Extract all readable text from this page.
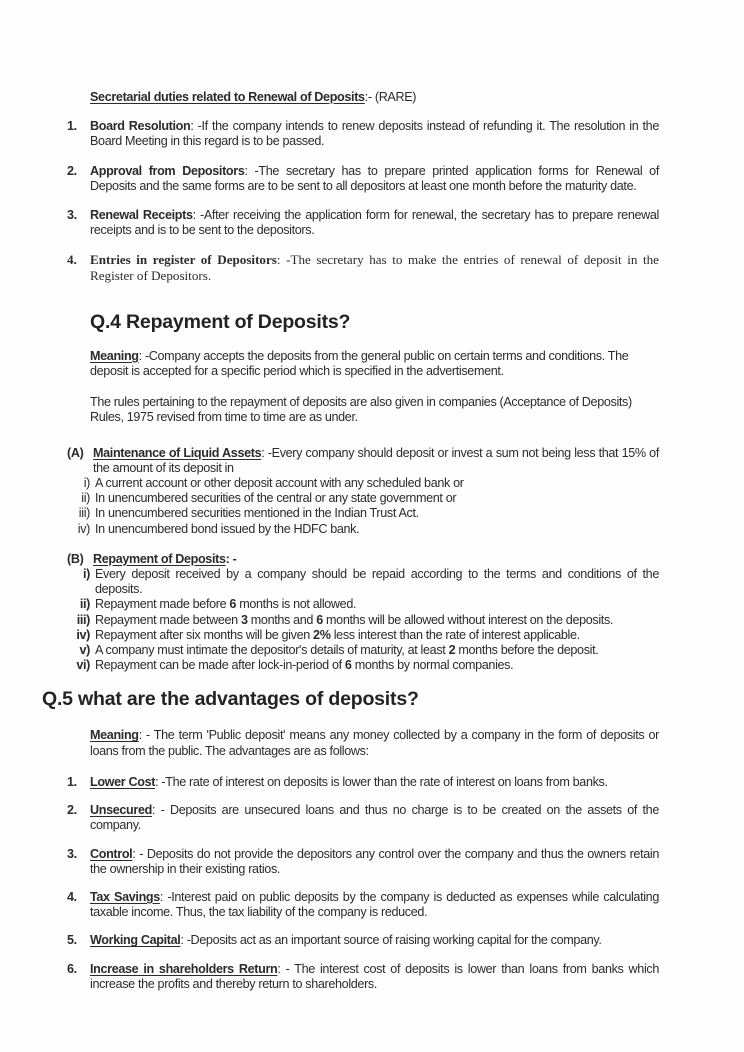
Secretarial duties related to Renewal of Deposits:- (RARE)
1.	Board Resolution: -If the company intends to renew deposits instead of refunding it. The resolution in the Board Meeting in this regard is to be passed.
2.	Approval from Depositors: -The secretary has to prepare printed application forms for Renewal of Deposits and the same forms are to be sent to all depositors at least one month before the maturity date.
3.	Renewal Receipts: -After receiving the application form for renewal, the secretary has to prepare renewal receipts and is to be sent to the depositors.
4.	Entries in register of Depositors: -The secretary has to make the entries of renewal of deposit in the Register of Depositors.
Q.4 Repayment of Deposits?

Meaning: -Company accepts the deposits from the general public on certain terms and conditions. The deposit is accepted for a specific period which is specified in the advertisement.

The rules pertaining to the repayment of deposits are also given in companies (Acceptance of Deposits) Rules, 1975 revised from time to time are as under.

(A) Maintenance of Liquid Assets: -Every company should deposit or invest a sum not being less that 15% of the amount of its deposit in
i) A current account or other deposit account with any scheduled bank or
ii) In unencumbered securities of the central or any state government or
iii) In unencumbered securities mentioned in the Indian Trust Act.
iv) In unencumbered bond issued by the HDFC bank.
(B) Repayment of Deposits: -
i) Every deposit received by a company should be repaid according to the terms and conditions of the deposits.
ii) Repayment made before 6 months is not allowed.
iii) Repayment made between 3 months and 6 months will be allowed without interest on the deposits.
iv) Repayment after six months will be given 2% less interest than the rate of interest applicable.
v) A company must intimate the depositor's details of maturity, at least 2 months before the deposit.
vi) Repayment can be made after lock-in-period of 6 months by normal companies.
Q.5 what are the advantages of deposits?

Meaning: - The term 'Public deposit' means any money collected by a company in the form of deposits or loans from the public. The advantages are as follows:

1.	Lower Cost: -The rate of interest on deposits is lower than the rate of interest on loans from banks.
2.	Unsecured: - Deposits are unsecured loans and thus no charge is to be created on the assets of the company.
3.	Control: - Deposits do not provide the depositors any control over the company and thus the owners retain the ownership in their existing ratios.
4.	Tax Savings: -Interest paid on public deposits by the company is deducted as expenses while calculating taxable income. Thus, the tax liability of the company is reduced.
5.	Working Capital: -Deposits act as an important source of raising working capital for the company.
6.	Increase in shareholders Return: - The interest cost of deposits is lower than loans from banks which increase the profits and thereby return to shareholders.
